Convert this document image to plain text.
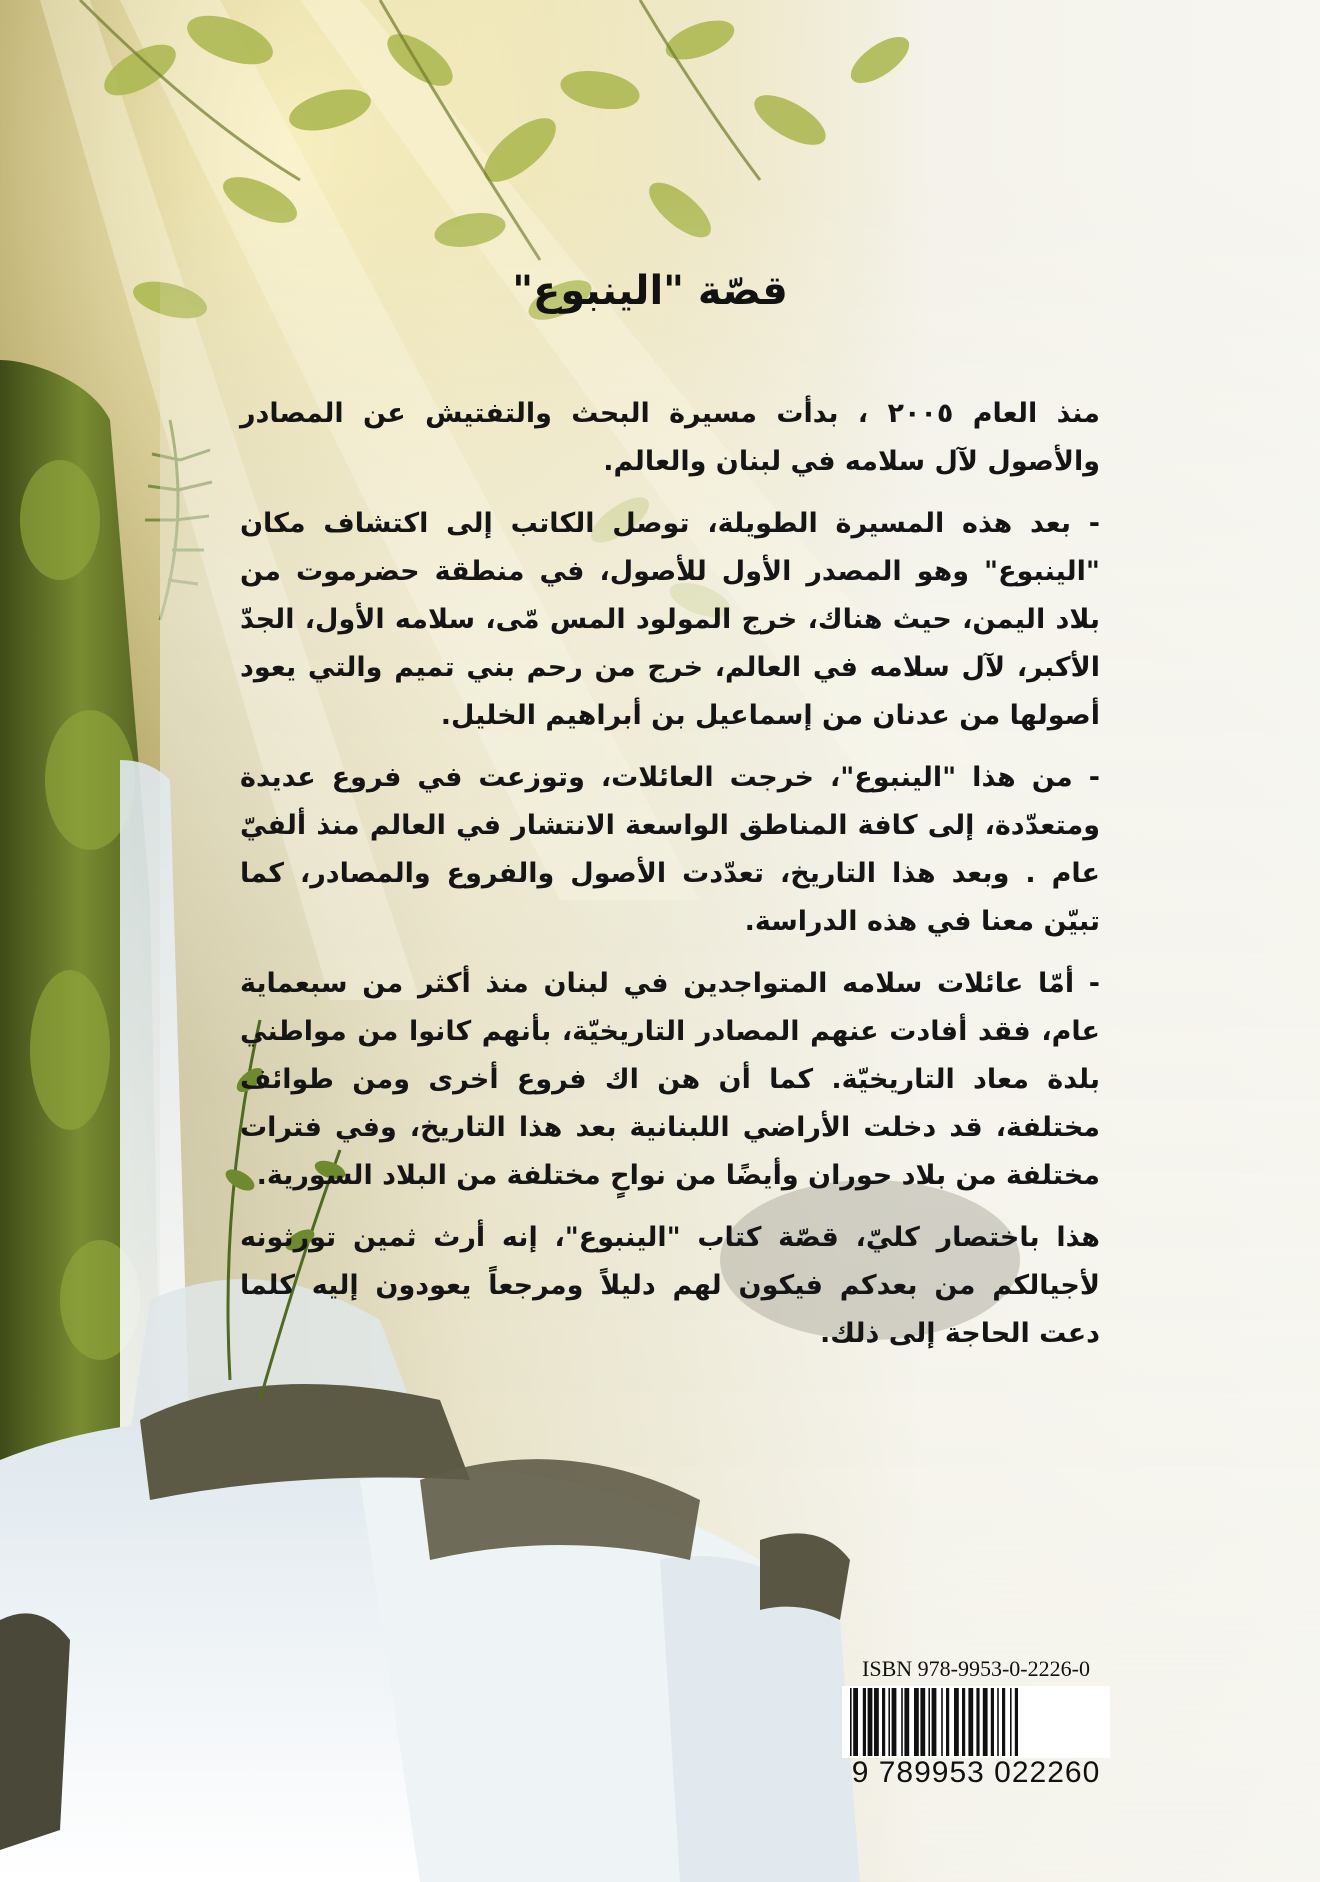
قصّة "الينبوع"

منذ العام ٢٠٠٥ ، بدأت مسيرة البحث والتفتيش عن المصادر والأصول لآل سلامه في لبنان والعالم.

- بعد هذه المسيرة الطويلة، توصل الكاتب إلى اكتشاف مكان "الينبوع" وهو المصدر الأول للأصول، في منطقة حضرموت من بلاد اليمن، حيث هناك، خرج المولود المس مّى، سلامه الأول، الجدّ الأكبر، لآل سلامه في العالم، خرج من رحم بني تميم والتي يعود أصولها من عدنان من إسماعيل بن أبراهيم الخليل.

- من هذا "الينبوع"، خرجت العائلات، وتوزعت في فروع عديدة ومتعدّدة، إلى كافة المناطق الواسعة الانتشار في العالم منذ ألفيّ عام . وبعد هذا التاريخ، تعدّدت الأصول والفروع والمصادر، كما تبيّن معنا في هذه الدراسة.

- أمّا عائلات سلامه المتواجدين في لبنان منذ أكثر من سبعماية عام، فقد أفادت عنهم المصادر التاريخيّة، بأنهم كانوا من مواطني بلدة معاد التاريخيّة. كما أن هن اك فروع أخرى ومن طوائف مختلفة، قد دخلت الأراضي اللبنانية بعد هذا التاريخ، وفي فترات مختلفة من بلاد حوران وأيضًا من نواحٍ مختلفة من البلاد السورية.

هذا باختصار كليّ، قصّة كتاب "الينبوع"، إنه أرث ثمين تورثونه لأجيالكم من بعدكم فيكون لهم دليلاً ومرجعاً يعودون إليه كلما دعت الحاجة إلى ذلك.

ISBN 978-9953-0-2226-0
9 789953 022260
